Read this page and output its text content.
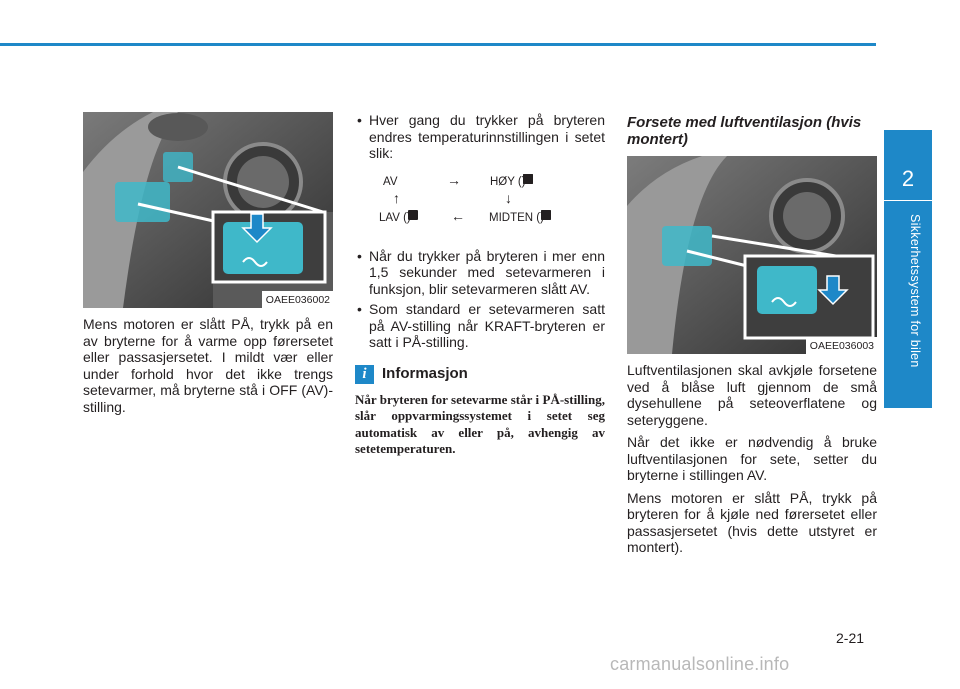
2
Sikkerhetssystem for bilen
OAEE036002

Mens motoren er slått PÅ, trykk på en av bryterne for å varme opp førersetet eller passasjersetet. I mildt vær eller under forhold hvor det ikke trengs setevarmer, må bryterne stå i OFF (AV)-stilling.

• Hver gang du trykker på bryteren endres temperaturinnstillingen i setet slik:
AV	→	HØY (
↑	↓
LAV (	← MIDTEN (
• Når du trykker på bryteren i mer enn 1,5 sekunder med setevarmeren i funksjon, blir setevarmeren slått AV.
• Som standard er setevarmeren satt på AV-stilling når KRAFT-bryteren er satt i PÅ-stilling.
i	Informasjon
Når bryteren for setevarme står i PÅ-stilling, slår oppvarmingssystemet i setet seg automatisk av eller på, avhengig av setetemperaturen.
Forsete med luftventilasjon (hvis montert)
OAEE036003

Luftventilasjonen skal avkjøle forsetene ved å blåse luft gjennom de små dysehullene på seteoverflatene og seteryggene.

Når det ikke er nødvendig å bruke luftventilasjonen for sete, setter du bryterne i stillingen AV.

Mens motoren er slått PÅ, trykk på bryteren for å kjøle ned førersetet eller passasjersetet (hvis dette utstyret er montert).

2-21
carmanualsonline.info
